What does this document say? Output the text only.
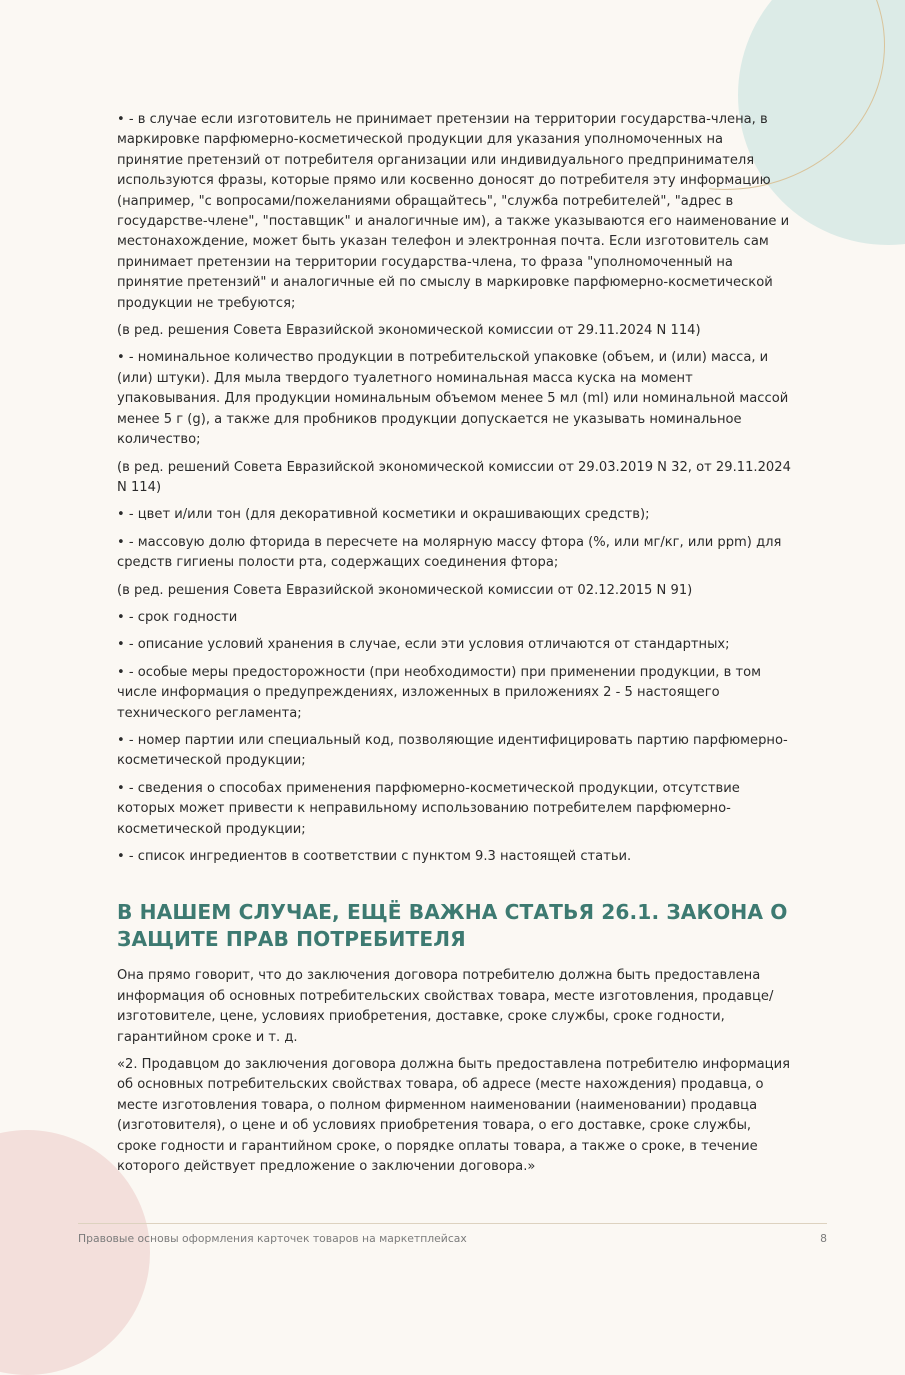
• - в случае если изготовитель не принимает претензии на территории государства-члена, в маркировке парфюмерно-косметической продукции для указания уполномоченных на принятие претензий от потребителя организации или индивидуального предпринимателя используются фразы, которые прямо или косвенно доносят до потребителя эту информацию (например, "с вопросами/пожеланиями обращайтесь", "служба потребителей", "адрес в государстве-члене", "поставщик" и аналогичные им), а также указываются его наименование и местонахождение, может быть указан телефон и электронная почта. Если изготовитель сам принимает претензии на территории государства-члена, то фраза "уполномоченный на принятие претензий" и аналогичные ей по смыслу в маркировке парфюмерно-косметической продукции не требуются;

(в ред. решения Совета Евразийской экономической комиссии от 29.11.2024 N 114)

• - номинальное количество продукции в потребительской упаковке (объем, и (или) масса, и (или) штуки). Для мыла твердого туалетного номинальная масса куска на момент упаковывания. Для продукции номинальным объемом менее 5 мл (ml) или номинальной массой менее 5 г (g), а также для пробников продукции допускается не указывать номинальное количество;

(в ред. решений Совета Евразийской экономической комиссии от 29.03.2019 N 32, от 29.11.2024 N 114)

• - цвет и/или тон (для декоративной косметики и окрашивающих средств);

• - массовую долю фторида в пересчете на молярную массу фтора (%, или мг/кг, или ppm) для средств гигиены полости рта, содержащих соединения фтора;

(в ред. решения Совета Евразийской экономической комиссии от 02.12.2015 N 91)

• - срок годности

• - описание условий хранения в случае, если эти условия отличаются от стандартных;

• - особые меры предосторожности (при необходимости) при применении продукции, в том числе информация о предупреждениях, изложенных в приложениях 2 - 5 настоящего технического регламента;

• - номер партии или специальный код, позволяющие идентифицировать партию парфюмерно-косметической продукции;

• - сведения о способах применения парфюмерно-косметической продукции, отсутствие которых может привести к неправильному использованию потребителем парфюмерно-косметической продукции;

• - список ингредиентов в соответствии с пунктом 9.3 настоящей статьи.

В НАШЕМ СЛУЧАЕ, ЕЩЁ ВАЖНА СТАТЬЯ 26.1. ЗАКОНА О ЗАЩИТЕ ПРАВ ПОТРЕБИТЕЛЯ

Она прямо говорит, что до заключения договора потребителю должна быть предоставлена информация об основных потребительских свойствах товара, месте изготовления, продавце/изготовителе, цене, условиях приобретения, доставке, сроке службы, сроке годности, гарантийном сроке и т. д.

«2. Продавцом до заключения договора должна быть предоставлена потребителю информация об основных потребительских свойствах товара, об адресе (месте нахождения) продавца, о месте изготовления товара, о полном фирменном наименовании (наименовании) продавца (изготовителя), о цене и об условиях приобретения товара, о его доставке, сроке службы, сроке годности и гарантийном сроке, о порядке оплаты товара, а также о сроке, в течение которого действует предложение о заключении договора.»

Правовые основы оформления карточек товаров на маркетплейсах	8
